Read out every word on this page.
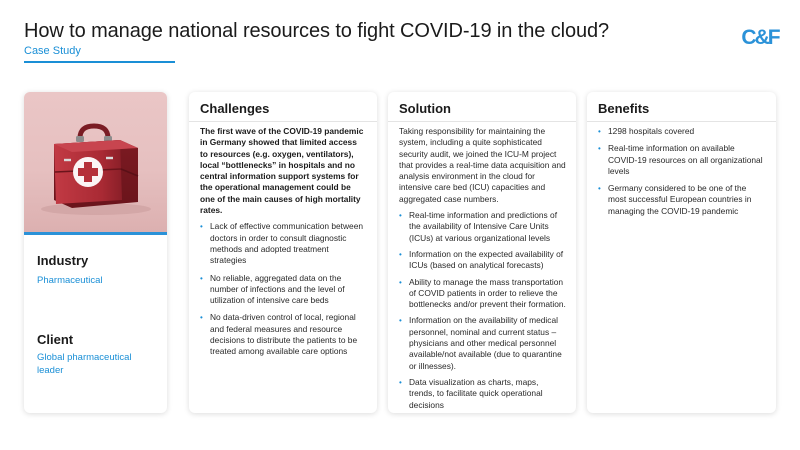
How to manage national resources to fight COVID-19 in the cloud?
Case Study
C&F
Industry
Pharmaceutical
Client
Global pharmaceutical leader
Challenges

The first wave of the COVID-19 pandemic in Germany showed that limited access to resources (e.g. oxygen, ventilators), local “bottlenecks” in hospitals and no central information support systems for the operational management could be one of the main causes of high mortality rates.

• Lack of effective communication between doctors in order to consult diagnostic methods and adopted treatment strategies
• No reliable, aggregated data on the number of infections and the level of utilization of intensive care beds
• No data-driven control of local, regional and federal measures and resource decisions to distribute the patients to be treated among available care options
Solution

Taking responsibility for maintaining the system, including a quite sophisticated security audit, we joined the ICU-M project that provides a real-time data acquisition and analysis environment in the cloud for intensive care bed (ICU) capacities and aggregated case numbers.

• Real-time information and predictions of the availability of Intensive Care Units (ICUs) at various organizational levels
• Information on the expected availability of ICUs (based on analytical forecasts)
• Ability to manage the mass transportation of COVID patients in order to relieve the bottlenecks and/or prevent their formation.
• Information on the availability of medical personnel, nominal and current status – physicians and other medical personnel available/not available (due to quarantine or illnesses).
• Data visualization as charts, maps, trends, to facilitate quick operational decisions
Benefits
• 1298 hospitals covered
• Real-time information on available COVID-19 resources on all organizational levels
• Germany considered to be one of the most successful European countries in managing the COVID-19 pandemic
